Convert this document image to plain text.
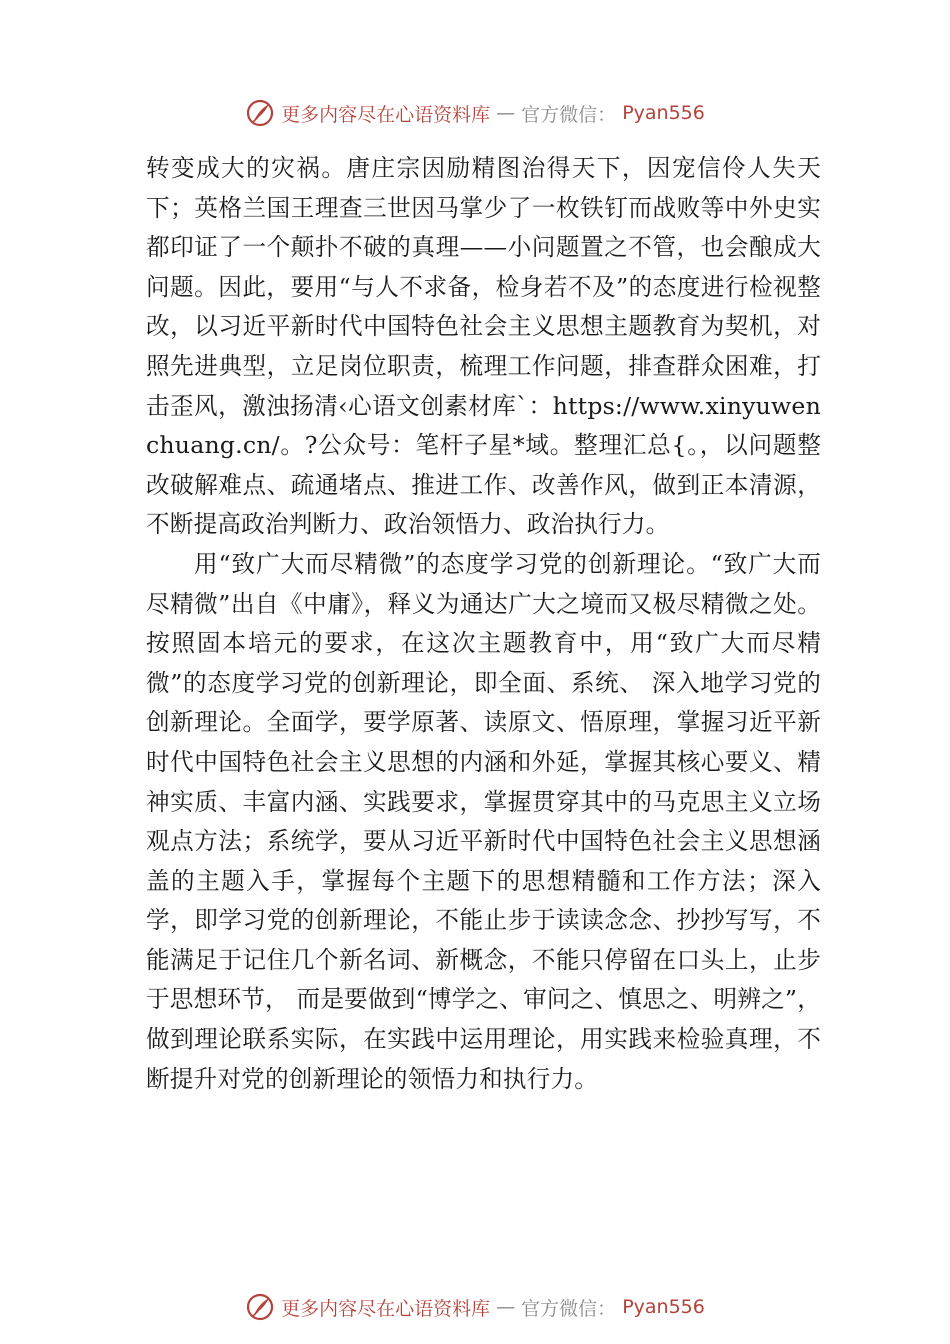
更多内容尽在心语资料库 — 官方微信： Pyan556

转变成大的灾祸。唐庄宗因励精图治得天下，因宠信伶人失天下；英格兰国王理查三世因马掌少了一枚铁钉而战败等中外史实都印证了一个颠扑不破的真理——小问题置之不管，也会酿成大问题。因此，要用“与人不求备，检身若不及”的态度进行检视整改，以习近平新时代中国特色社会主义思想主题教育为契机，对照先进典型，立足岗位职责，梳理工作问题，排查群众困难，打击歪风，激浊扬清‹心语文创素材库`：https://www.xinyuwenchuang.cn/。?公众号：笔杆子星*域。整理汇总{。，以问题整改破解难点、疏通堵点、推进工作、改善作风，做到正本清源， 不断提高政治判断力、政治领悟力、政治执行力。

用“致广大而尽精微”的态度学习党的创新理论。“致广大而尽精微”出自《中庸》，释义为通达广大之境而又极尽精微之处。按照固本培元的要求，在这次主题教育中，用“致广大而尽精微”的态度学习党的创新理论，即全面、系统、 深入地学习党的创新理论。全面学，要学原著、读原文、悟原理，掌握习近平新时代中国特色社会主义思想的内涵和外延，掌握其核心要义、精神实质、丰富内涵、实践要求，掌握贯穿其中的马克思主义立场观点方法；系统学，要从习近平新时代中国特色社会主义思想涵盖的主题入手，掌握每个主题下的思想精髓和工作方法；深入学，即学习党的创新理论，不能止步于读读念念、抄抄写写，不能满足于记住几个新名词、新概念，不能只停留在口头上，止步于思想环节， 而是要做到“博学之、审问之、慎思之、明辨之”，做到理论联系实际，在实践中运用理论，用实践来检验真理，不断提升对党的创新理论的领悟力和执行力。

更多内容尽在心语资料库 — 官方微信： Pyan556
